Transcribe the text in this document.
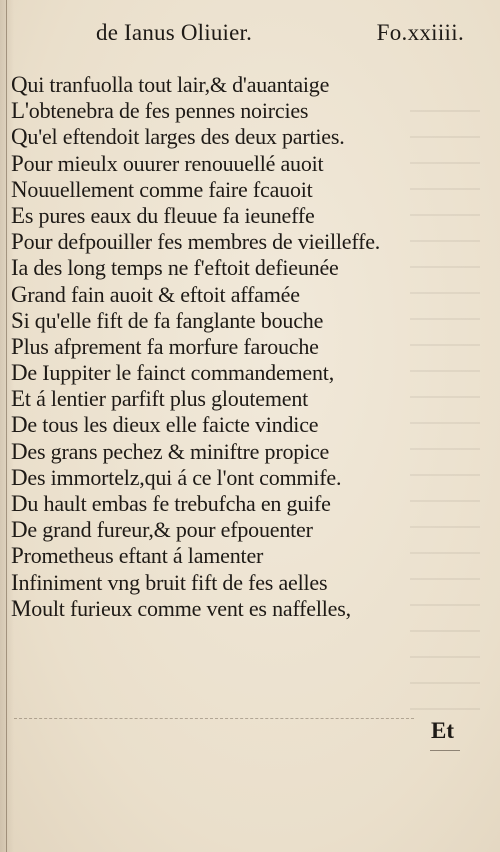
de Ianus Oliuier.	Fo.xxiiii.
Qui tranfuolla tout lair,& d'auantaige
L'obtenebra de fes pennes noircies
Qu'el eftendoit larges des deux parties.
Pour mieulx ouurer renouuellé auoit
Nouuellement comme faire fcauoit
Es pures eaux du fleuue fa ieuneffe
Pour defpouiller fes membres de vieilleffe.
Ia des long temps ne f'eftoit defieunée
Grand fain auoit & eftoit affamée
Si qu'elle fift de fa fanglante bouche
Plus afprement fa morfure farouche
De Iuppiter le fainct commandement,
Et á lentier parfift plus gloutement
De tous les dieux elle faicte vindice
Des grans pechez & miniftre propice
Des immortelz,qui á ce l'ont commife.
Du hault embas fe trebufcha en guife
De grand fureur,& pour efpouenter
Prometheus eftant á lamenter
Infiniment vng bruit fift de fes aelles
Moult furieux comme vent es naffelles,
Et
